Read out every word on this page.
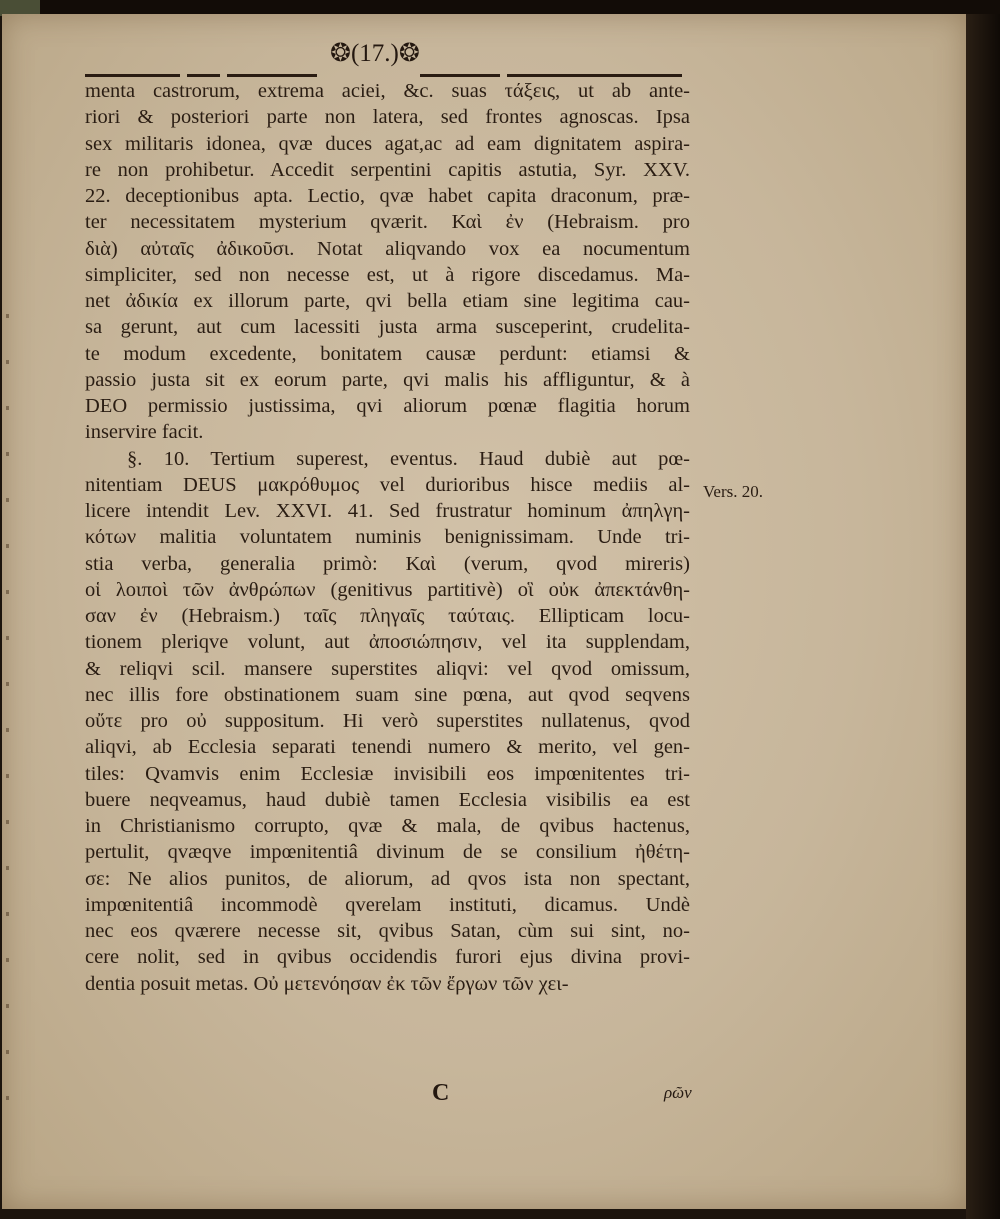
❂(17.)❂
menta castrorum, extrema aciei, &c. suas τάξεις, ut ab ante-
riori & posteriori parte non latera, sed frontes agnoscas. Ipsa
sex militaris idonea, qvæ duces agat,ac ad eam dignitatem aspira-
re non prohibetur. Accedit serpentini capitis astutia, Syr. XXV.
22. deceptionibus apta. Lectio, qvæ habet capita draconum, præ-
ter necessitatem mysterium qværit. Καὶ ἐν (Hebraism. pro
διὰ) αὐταῖς ἀδικοῦσι. Notat aliqvando vox ea nocumentum
simpliciter, sed non necesse est, ut à rigore discedamus. Ma-
net ἀδικία ex illorum parte, qvi bella etiam sine legitima cau-
sa gerunt, aut cum lacessiti justa arma susceperint, crudelita-
te modum excedente, bonitatem causæ perdunt: etiamsi &
passio justa sit ex eorum parte, qvi malis his affliguntur, & à
DEO permissio justissima, qvi aliorum pœnæ flagitia horum
inservire facit.
§. 10. Tertium superest, eventus. Haud dubiè aut pœ-
nitentiam DEUS μακρόθυμος vel durioribus hisce mediis al-
licere intendit Lev. XXVI. 41. Sed frustratur hominum ἀπηλγη-
κότων malitia voluntatem numinis benignissimam. Unde tri-
stia verba, generalia primò: Καὶ (verum, qvod mireris)
οἱ λοιποὶ τῶν ἀνθρώπων (genitivus partitivè) οἳ οὐκ ἀπεκτάνθη-
σαν ἐν (Hebraism.) ταῖς πληγαῖς ταύταις. Ellipticam locu-
tionem pleriqve volunt, aut ἀποσιώπησιν, vel ita supplendam,
& reliqvi scil. mansere superstites aliqvi: vel qvod omissum,
nec illis fore obstinationem suam sine pœna, aut qvod seqvens
οὔτε pro οὐ suppositum. Hi verò superstites nullatenus, qvod
aliqvi, ab Ecclesia separati tenendi numero & merito, vel gen-
tiles: Qvamvis enim Ecclesiæ invisibili eos impœnitentes tri-
buere neqveamus, haud dubiè tamen Ecclesia visibilis ea est
in Christianismo corrupto, qvæ & mala, de qvibus hactenus,
pertulit, qvæqve impœnitentiâ divinum de se consilium ἠθέτη-
σε: Ne alios punitos, de aliorum, ad qvos ista non spectant,
impœnitentiâ incommodè qverelam instituti, dicamus. Undè
nec eos qværere necesse sit, qvibus Satan, cùm sui sint, no-
cere nolit, sed in qvibus occidendis furori ejus divina provi-
dentia posuit metas. Οὐ μετενόησαν ἐκ τῶν ἔργων τῶν χει-
Vers. 20.
C	ρῶν
